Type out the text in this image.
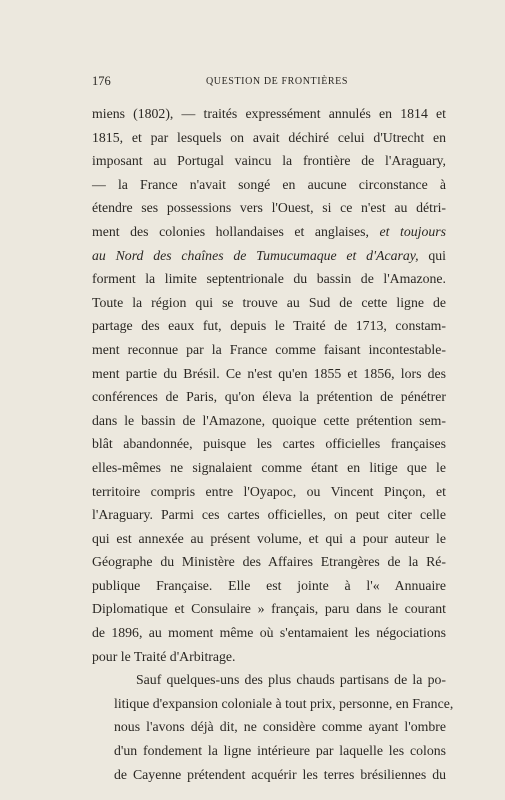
176	QUESTION DE FRONTIÈRES

miens (1802), — traités expressément annulés en 1814 et
1815, et par lesquels on avait déchiré celui d'Utrecht en
imposant au Portugal vaincu la frontière de l'Araguary,
— la France n'avait songé en aucune circonstance à
étendre ses possessions vers l'Ouest, si ce n'est au détri-
ment des colonies hollandaises et anglaises, et toujours
au Nord des chaînes de Tumucumaque et d'Acaray, qui
forment la limite septentrionale du bassin de l'Amazone.
Toute la région qui se trouve au Sud de cette ligne de
partage des eaux fut, depuis le Traité de 1713, constam-
ment reconnue par la France comme faisant incontestable-
ment partie du Brésil. Ce n'est qu'en 1855 et 1856, lors des
conférences de Paris, qu'on éleva la prétention de pénétrer
dans le bassin de l'Amazone, quoique cette prétention sem-
blât abandonnée, puisque les cartes officielles françaises
elles-mêmes ne signalaient comme étant en litige que le
territoire compris entre l'Oyapoc, ou Vincent Pinçon, et
l'Araguary. Parmi ces cartes officielles, on peut citer celle
qui est annexée au présent volume, et qui a pour auteur le
Géographe du Ministère des Affaires Etrangères de la Ré-
publique Française. Elle est jointe à l'« Annuaire
Diplomatique et Consulaire » français, paru dans le courant
de 1896, au moment même où s'entamaient les négociations
pour le Traité d'Arbitrage.

Sauf quelques-uns des plus chauds partisans de la po-
litique d'expansion coloniale à tout prix, personne, en France,
nous l'avons déjà dit, ne considère comme ayant l'ombre
d'un fondement la ligne intérieure par laquelle les colons
de Cayenne prétendent acquérir les terres brésiliennes du
